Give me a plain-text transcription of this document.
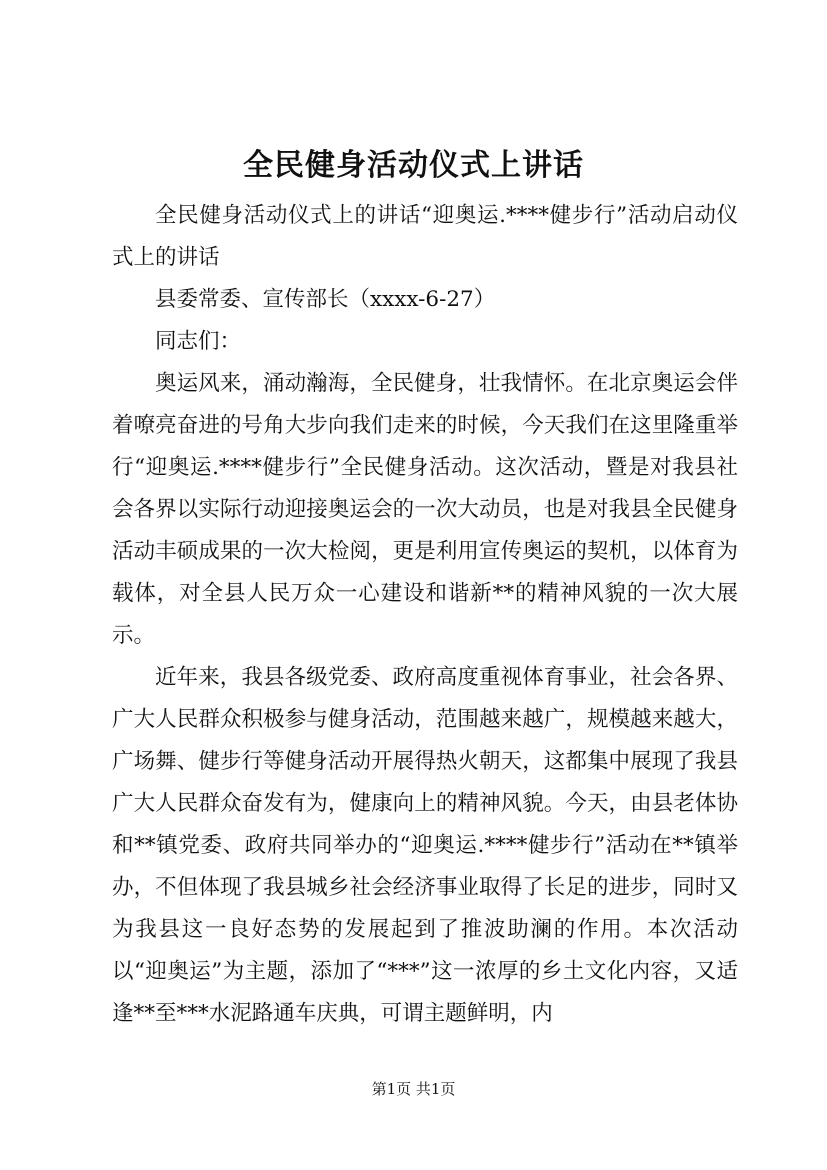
全民健身活动仪式上讲话

全民健身活动仪式上的讲话“迎奥运.****健步行”活动启动仪式上的讲话

县委常委、宣传部长（xxxx-6-27）

同志们：

奥运风来，涌动瀚海，全民健身，壮我情怀。在北京奥运会伴着嘹亮奋进的号角大步向我们走来的时候，今天我们在这里隆重举行“迎奥运.****健步行”全民健身活动。这次活动，暨是对我县社会各界以实际行动迎接奥运会的一次大动员，也是对我县全民健身活动丰硕成果的一次大检阅，更是利用宣传奥运的契机，以体育为载体，对全县人民万众一心建设和谐新**的精神风貌的一次大展示。

近年来，我县各级党委、政府高度重视体育事业，社会各界、广大人民群众积极参与健身活动，范围越来越广，规模越来越大，广场舞、健步行等健身活动开展得热火朝天，这都集中展现了我县广大人民群众奋发有为，健康向上的精神风貌。今天，由县老体协和**镇党委、政府共同举办的“迎奥运.****健步行”活动在**镇举办，不但体现了我县城乡社会经济事业取得了长足的进步，同时又为我县这一良好态势的发展起到了推波助澜的作用。本次活动以“迎奥运”为主题，添加了“***”这一浓厚的乡土文化内容，又适逢**至***水泥路通车庆典，可谓主题鲜明，内

第1页 共1页
